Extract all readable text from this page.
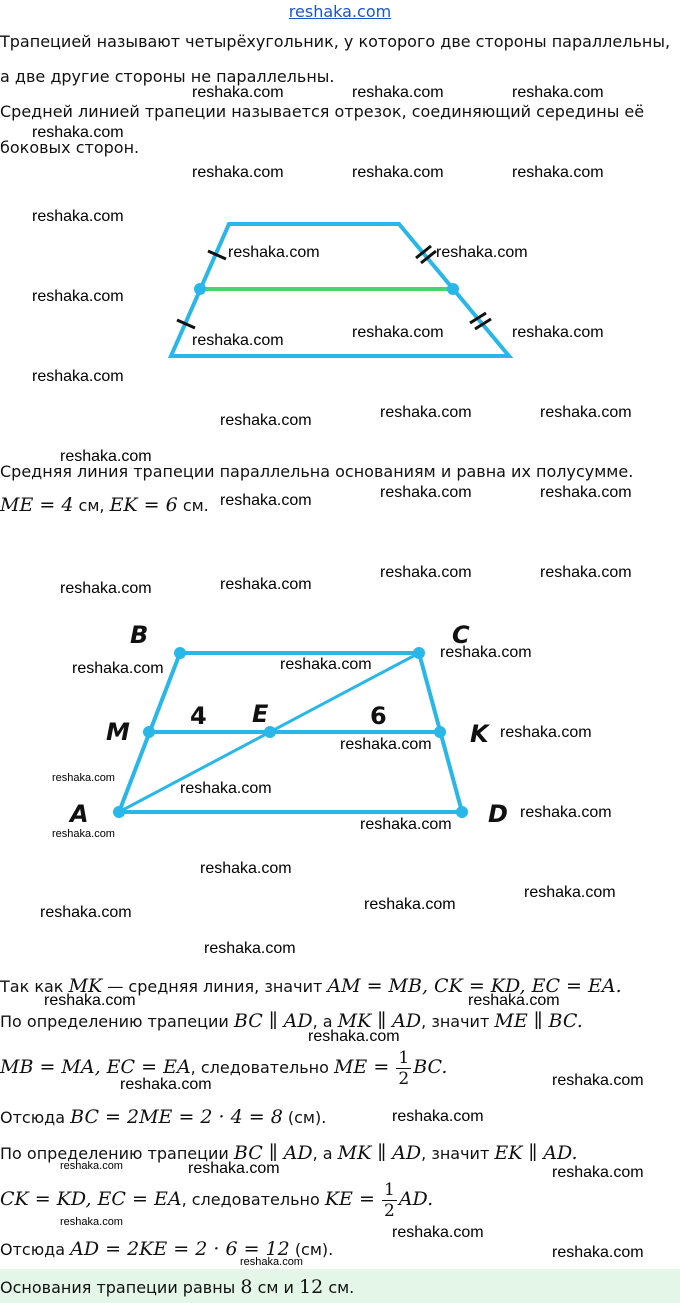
reshaka.com
Трапецией называют четырёхугольник, у которого две стороны параллельны,
а две другие стороны не параллельны.
Средней линией трапеции называется отрезок, соединяющий середины её
боковых сторон.
Средняя линия трапеции параллельна основаниям и равна их полусумме.
ME = 4 см, EK = 6 см.
B	C
M
E
K
A	D
4	6
Так как MK — средняя линия, значит AM = MB, CK = KD, EC = EA.
По определению трапеции BC ∥ AD, а MK ∥ AD, значит ME ∥ BC.
MB = MA, EC = EA, следовательно ME = $\frac{1}{2}$ BC.
Отсюда BC = 2ME = 2 · 4 = 8 (см).
По определению трапеции BC ∥ AD, а MK ∥ AD, значит EK ∥ AD.
CK = KD, EC = EA, следовательно KE = $\frac{1}{2}$ AD.
Отсюда AD = 2KE = 2 · 6 = 12 (см).
Основания трапеции равны 8 см и 12 см.
reshaka.com	reshaka.com	reshaka.com
reshaka.com
reshaka.com	reshaka.com	reshaka.com
reshaka.com
reshaka.com	reshaka.com
reshaka.com
reshaka.com	reshaka.com
reshaka.com
reshaka.com
reshaka.com	reshaka.com
reshaka.com
reshaka.com
reshaka.com	reshaka.com
reshaka.com
reshaka.com	reshaka.com
reshaka.com
reshaka.com
reshaka.com
reshaka.com
reshaka.com
reshaka.com
reshaka.com
reshaka.com
reshaka.com
reshaka.com
reshaka.com
reshaka.com
reshaka.com
reshaka.com
reshaka.com
reshaka.com
reshaka.com
reshaka.com	reshaka.com
reshaka.com
reshaka.com
reshaka.com
reshaka.com
reshaka.com	reshaka.com	reshaka.com
reshaka.com
reshaka.com
reshaka.com
reshaka.com
